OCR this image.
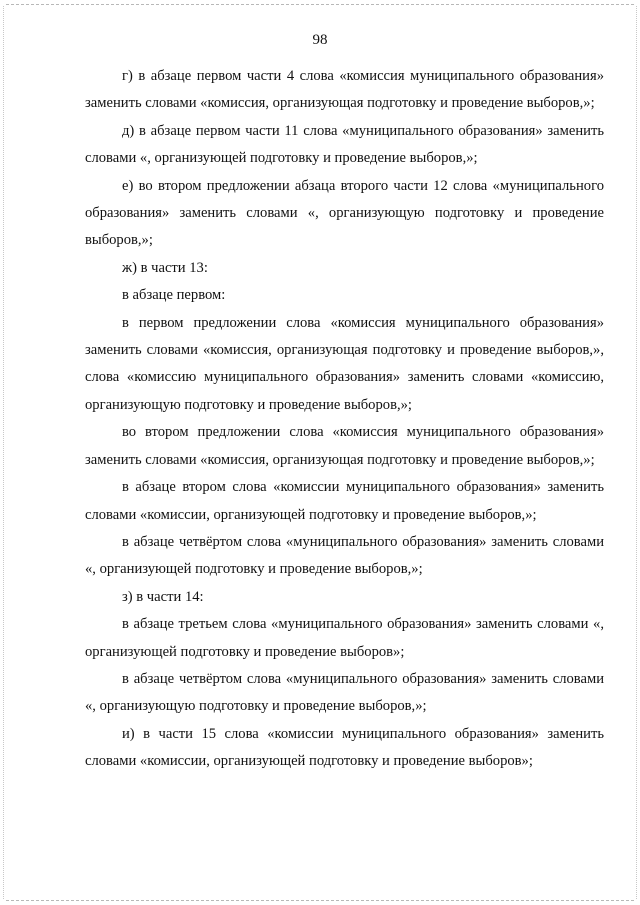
98

г) в абзаце первом части 4 слова «комиссия муниципального образования» заменить словами «комиссия, организующая подготовку и проведение выборов,»;

д) в абзаце первом части 11 слова «муниципального образования» заменить словами «, организующей подготовку и проведение выборов,»;

е) во втором предложении абзаца второго части 12 слова «муниципального образования» заменить словами «, организующую подготовку и проведение выборов,»;

ж) в части 13:

в абзаце первом:

в первом предложении слова «комиссия муниципального образования» заменить словами «комиссия, организующая подготовку и проведение выборов,», слова «комиссию муниципального образования» заменить словами «комиссию, организующую подготовку и проведение выборов,»;

во втором предложении слова «комиссия муниципального образования» заменить словами «комиссия, организующая подготовку и проведение выборов,»;

в абзаце втором слова «комиссии муниципального образования» заменить словами «комиссии, организующей подготовку и проведение выборов,»;

в абзаце четвёртом слова «муниципального образования» заменить словами «, организующей подготовку и проведение выборов,»;

з) в части 14:

в абзаце третьем слова «муниципального образования» заменить словами «, организующей подготовку и проведение выборов»;

в абзаце четвёртом слова «муниципального образования» заменить словами «, организующую подготовку и проведение выборов,»;

и) в части 15 слова «комиссии муниципального образования» заменить словами «комиссии, организующей подготовку и проведение выборов»;
